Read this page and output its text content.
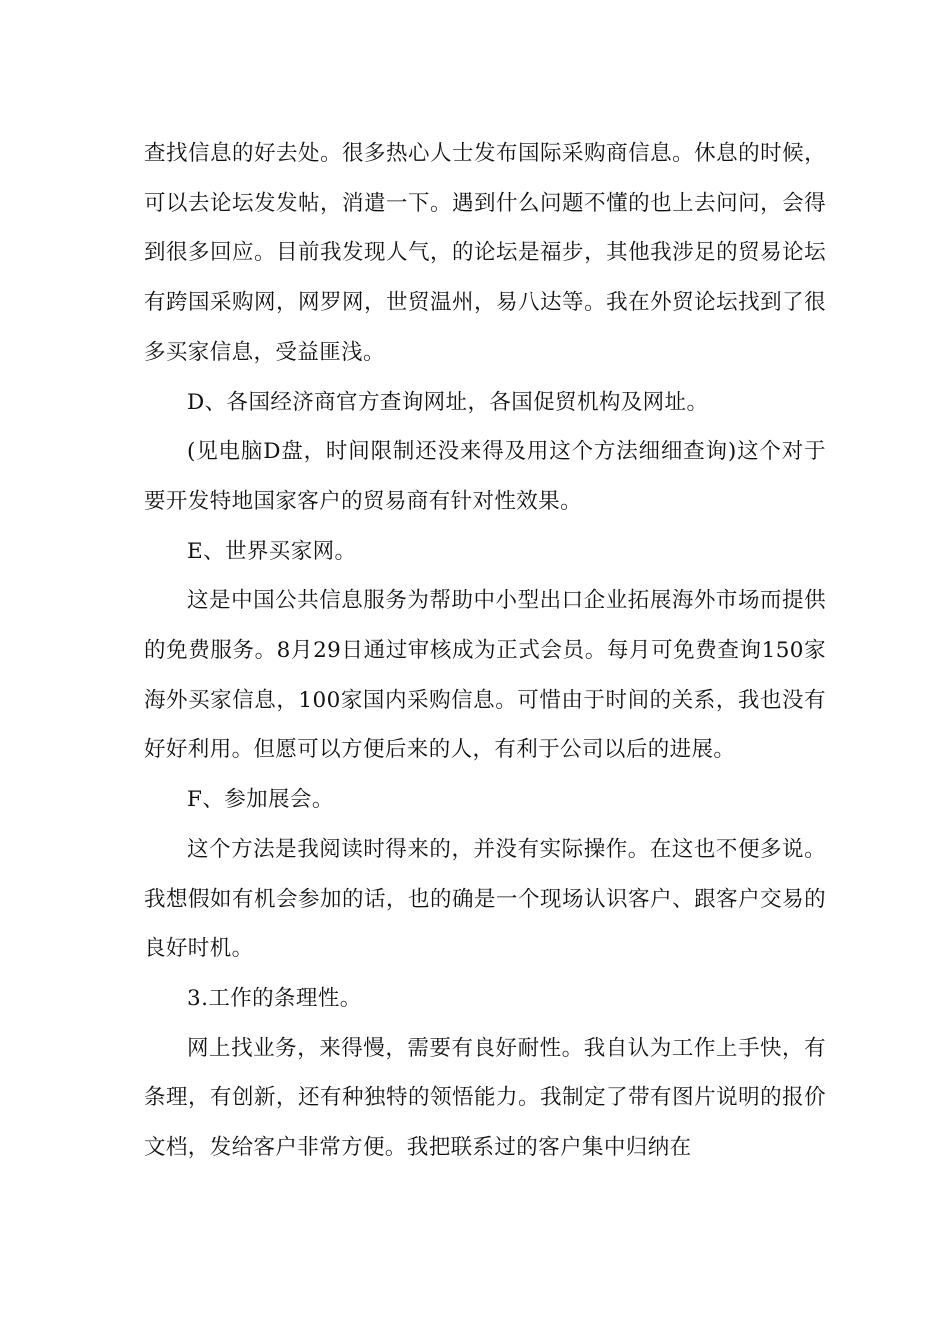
查找信息的好去处。很多热心人士发布国际采购商信息。休息的时候，可以去论坛发发帖，消遣一下。遇到什么问题不懂的也上去问问，会得到很多回应。目前我发现人气，的论坛是福步，其他我涉足的贸易论坛有跨国采购网，网罗网，世贸温州，易八达等。我在外贸论坛找到了很多买家信息，受益匪浅。

D、各国经济商官方查询网址，各国促贸机构及网址。

(见电脑D盘，时间限制还没来得及用这个方法细细查询)这个对于要开发特地国家客户的贸易商有针对性效果。

E、世界买家网。

这是中国公共信息服务为帮助中小型出口企业拓展海外市场而提供的免费服务。8月29日通过审核成为正式会员。每月可免费查询150家海外买家信息，100家国内采购信息。可惜由于时间的关系，我也没有好好利用。但愿可以方便后来的人，有利于公司以后的进展。

F、参加展会。

这个方法是我阅读时得来的，并没有实际操作。在这也不便多说。我想假如有机会参加的话，也的确是一个现场认识客户、跟客户交易的良好时机。

3.工作的条理性。

网上找业务，来得慢，需要有良好耐性。我自认为工作上手快，有条理，有创新，还有种独特的领悟能力。我制定了带有图片说明的报价文档，发给客户非常方便。我把联系过的客户集中归纳在
